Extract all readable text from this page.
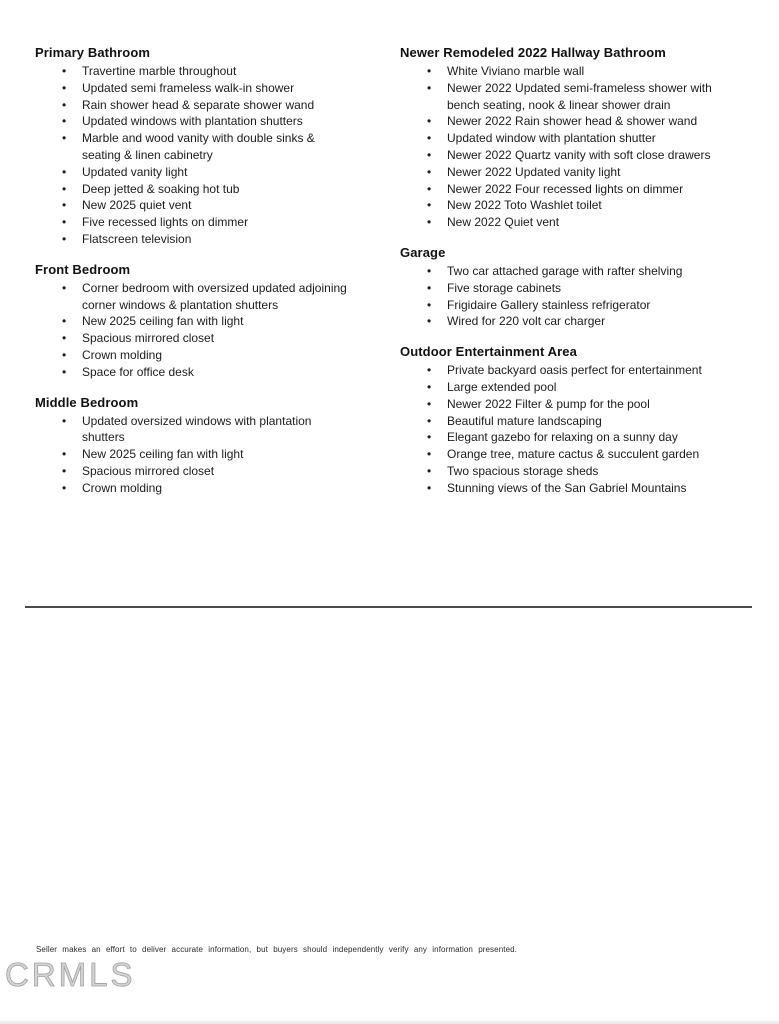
Primary Bathroom
• Travertine marble throughout
• Updated semi frameless walk-in shower
• Rain shower head & separate shower wand
• Updated windows with plantation shutters
• Marble and wood vanity with double sinks & seating & linen cabinetry
• Updated vanity light
• Deep jetted & soaking hot tub
• New 2025 quiet vent
• Five recessed lights on dimmer
• Flatscreen television
Front Bedroom
• Corner bedroom with oversized updated adjoining corner windows & plantation shutters
• New 2025 ceiling fan with light
• Spacious mirrored closet
• Crown molding
• Space for office desk
Middle Bedroom
• Updated oversized windows with plantation shutters
• New 2025 ceiling fan with light
• Spacious mirrored closet
• Crown molding
Newer Remodeled 2022 Hallway Bathroom
• White Viviano marble wall
• Newer 2022 Updated semi-frameless shower with bench seating, nook & linear shower drain
• Newer 2022 Rain shower head & shower wand
• Updated window with plantation shutter
• Newer 2022 Quartz vanity with soft close drawers
• Newer 2022 Updated vanity light
• Newer 2022 Four recessed lights on dimmer
• New 2022 Toto Washlet toilet
• New 2022 Quiet vent
Garage
• Two car attached garage with rafter shelving
• Five storage cabinets
• Frigidaire Gallery stainless refrigerator
• Wired for 220 volt car charger
Outdoor Entertainment Area
• Private backyard oasis perfect for entertainment
• Large extended pool
• Newer 2022 Filter & pump for the pool
• Beautiful mature landscaping
• Elegant gazebo for relaxing on a sunny day
• Orange tree, mature cactus & succulent garden
• Two spacious storage sheds
• Stunning views of the San Gabriel Mountains
Seller makes an effort to deliver accurate information, but buyers should independently verify any information presented.
CRMLS
